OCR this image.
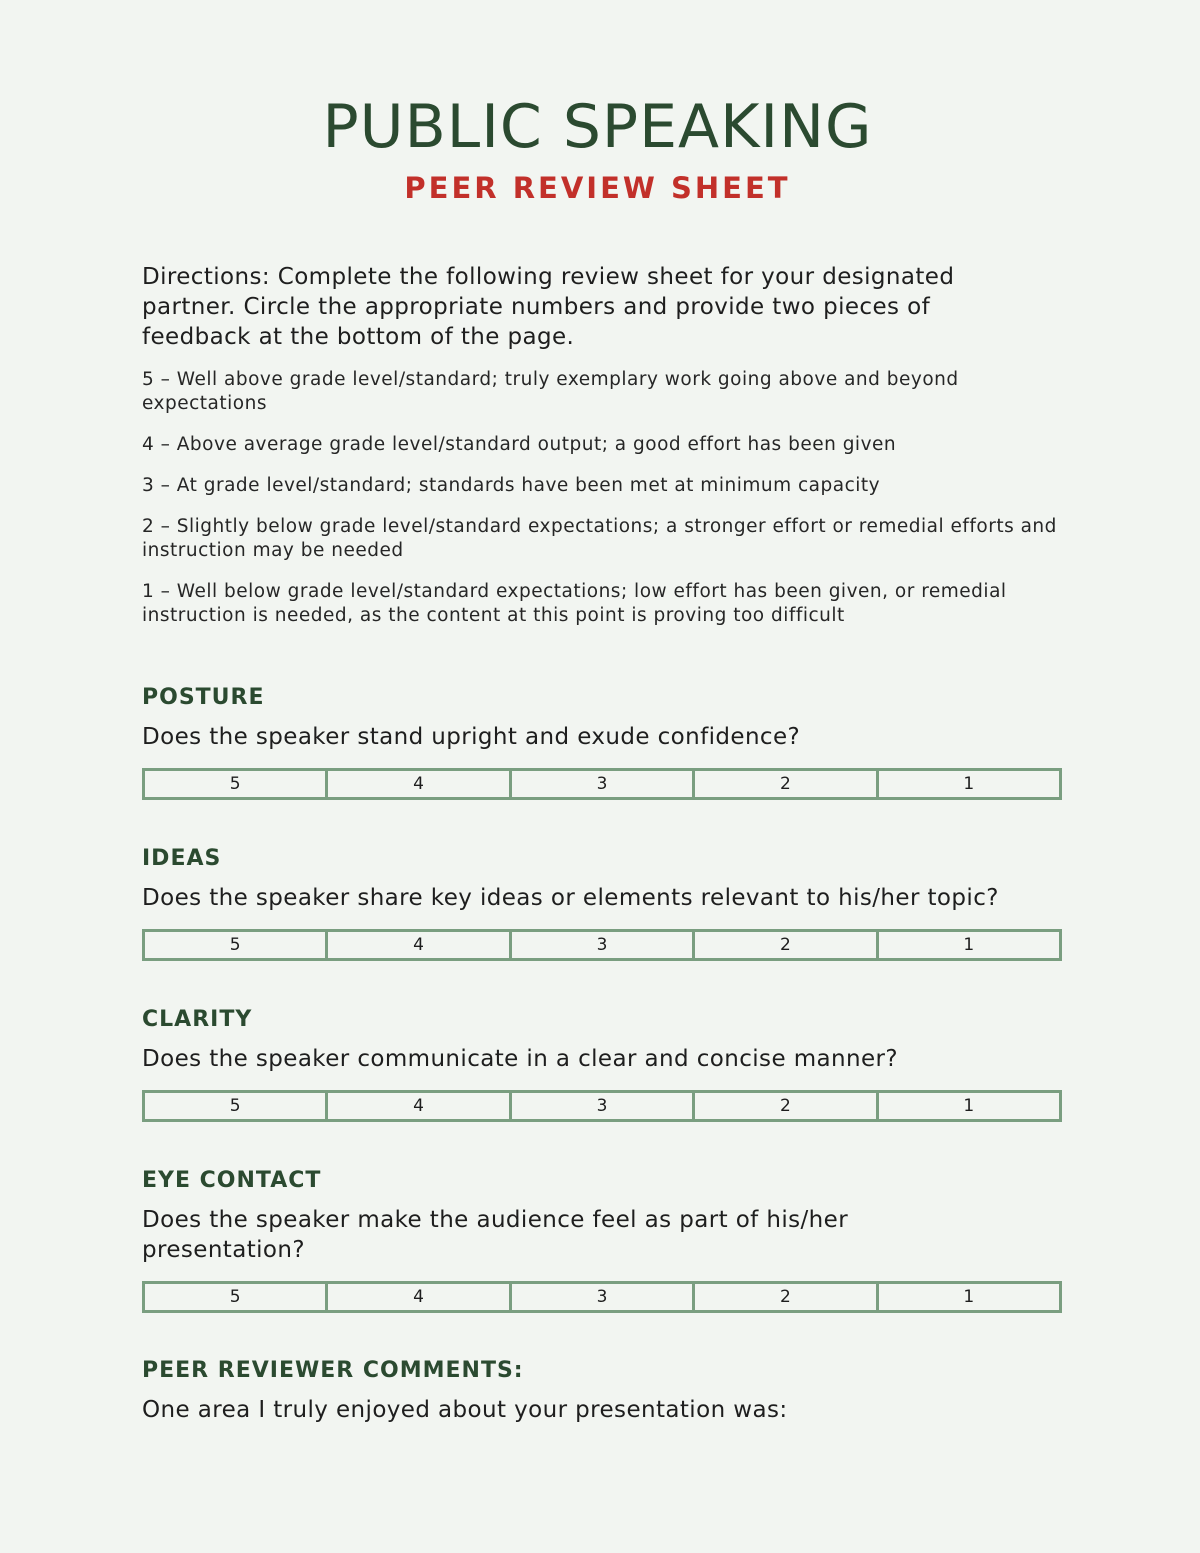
PUBLIC SPEAKING
PEER REVIEW SHEET

Directions: Complete the following review sheet for your designated partner. Circle the appropriate numbers and provide two pieces of feedback at the bottom of the page.

5 – Well above grade level/standard; truly exemplary work going above and beyond expectations
4 – Above average grade level/standard output; a good effort has been given
3 – At grade level/standard; standards have been met at minimum capacity
2 – Slightly below grade level/standard expectations; a stronger effort or remedial efforts and instruction may be needed
1 – Well below grade level/standard expectations; low effort has been given, or remedial instruction is needed, as the content at this point is proving too difficult
POSTURE

Does the speaker stand upright and exude confidence?

5	4	3	2	1
IDEAS

Does the speaker share key ideas or elements relevant to his/her topic?

5	4	3	2	1
CLARITY

Does the speaker communicate in a clear and concise manner?

5	4	3	2	1
EYE CONTACT

Does the speaker make the audience feel as part of his/her presentation?

5	4	3	2	1
PEER REVIEWER COMMENTS:

One area I truly enjoyed about your presentation was:
